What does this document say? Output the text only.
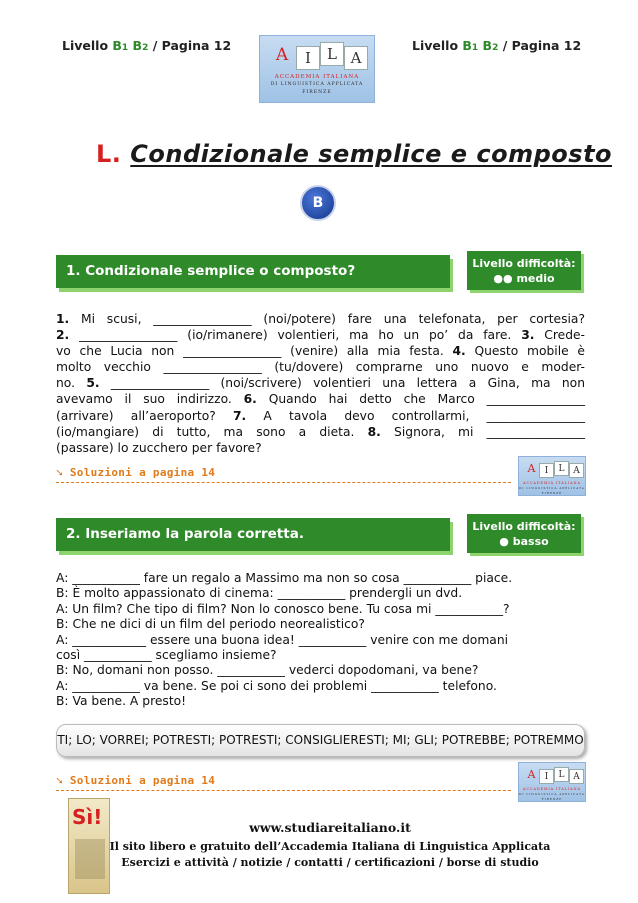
Livello B1 B2 / Pagina 12	Livello B1 B2 / Pagina 12
A	I	L A
ACCADEMIA ITALIANA
DI LINGUISTICA APPLICATA
FIRENZE
L. Condizionale semplice e composto
B
1. Condizionale semplice o composto?	Livello difficoltà:
●● medio
1. Mi scusi, ________________ (noi/potere) fare una telefonata, per cortesia?
2. ________________ (io/rimanere) volentieri, ma ho un po’ da fare. 3. Crede-
vo che Lucia non ________________ (venire) alla mia festa. 4. Questo mobile è
molto vecchio ________________ (tu/dovere) comprarne uno nuovo e moder-
no. 5. ________________ (noi/scrivere) volentieri una lettera a Gina, ma non
avevamo il suo indirizzo. 6. Quando hai detto che Marco ________________
(arrivare) all’aeroporto? 7. A tavola devo controllarmi, ________________
(io/mangiare) di tutto, ma sono a dieta. 8. Signora, mi ________________
(passare) lo zucchero per favore?
➘ Soluzioni a pagina 14	A	I	L A
ACCADEMIA ITALIANA
DI LINGUISTICA APPLICATA
FIRENZE
2. Inseriamo la parola corretta.	Livello difficoltà:
● basso
A: ___________ fare un regalo a Massimo ma non so cosa ___________ piace.
B: È molto appassionato di cinema: ___________ prendergli un dvd.
A: Un film? Che tipo di film? Non lo conosco bene. Tu cosa mi ___________?
B: Che ne dici di un film del periodo neorealistico?
A: ____________ essere una buona idea! ___________ venire con me domani
così ___________ scegliamo insieme?
B: No, domani non posso. ___________ vederci dopodomani, va bene?
A: ___________ va bene. Se poi ci sono dei problemi ___________ telefono.
B: Va bene. A presto!
TI; LO; VORREI; POTRESTI; POTRESTI; CONSIGLIERESTI; MI; GLI; POTREBBE; POTREMMO
➘ Soluzioni a pagina 14	A	I	L A
ACCADEMIA ITALIANA
DI LINGUISTICA APPLICATA
FIRENZE
Sì!	www.studiareitaliano.it
Il sito libero e gratuito dell’Accademia Italiana di Linguistica Applicata
Esercizi e attività / notizie / contatti / certificazioni / borse di studio
